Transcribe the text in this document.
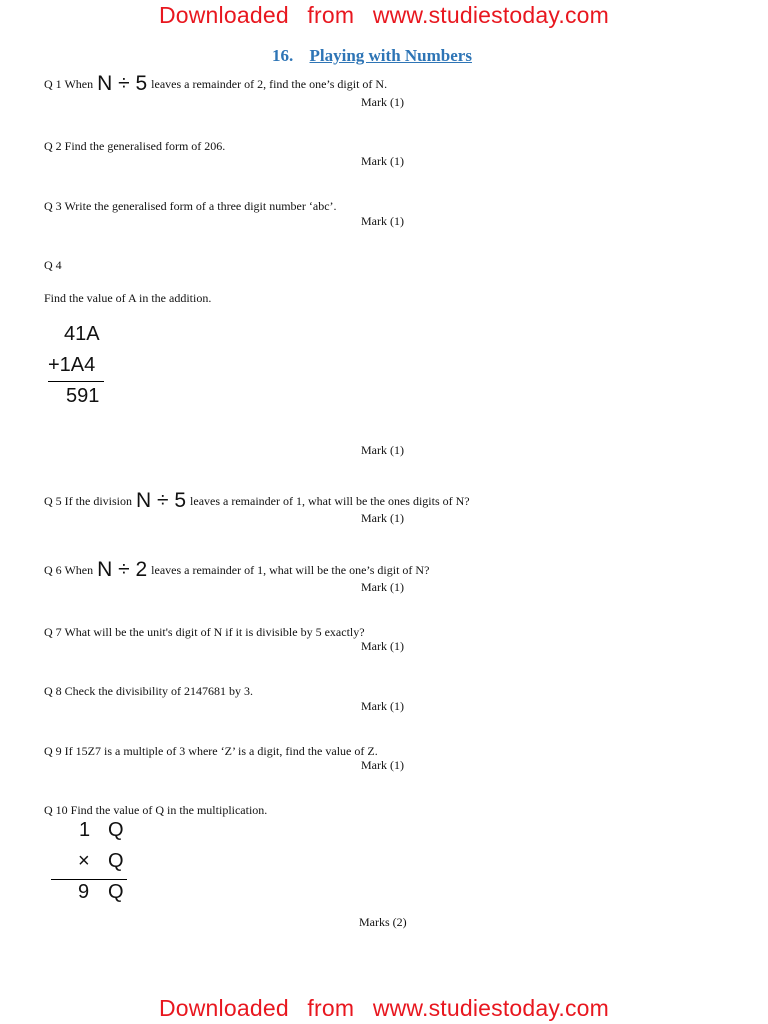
Downloaded from www.studiestoday.com
16. Playing with Numbers
Q 1 When N ÷ 5 leaves a remainder of 2, find the one’s digit of N.
Mark (1)
Q 2 Find the generalised form of 206.
Mark (1)
Q 3 Write the generalised form of a three digit number ‘abc’.
Mark (1)
Q 4
Find the value of A in the addition.
41A
+1A4
591
Mark (1)
Q 5 If the division N ÷ 5 leaves a remainder of 1, what will be the ones digits of N?
Mark (1)
Q 6 When N ÷ 2 leaves a remainder of 1, what will be the one’s digit of N?
Mark (1)
Q 7 What will be the unit's digit of N if it is divisible by 5 exactly?
Mark (1)
Q 8 Check the divisibility of 2147681 by 3.
Mark (1)
Q 9 If 15Z7 is a multiple of 3 where ‘Z’ is a digit, find the value of Z.
Mark (1)
Q 10 Find the value of Q in the multiplication.
1 Q
× Q
9 Q
Marks (2)
Downloaded from www.studiestoday.com
